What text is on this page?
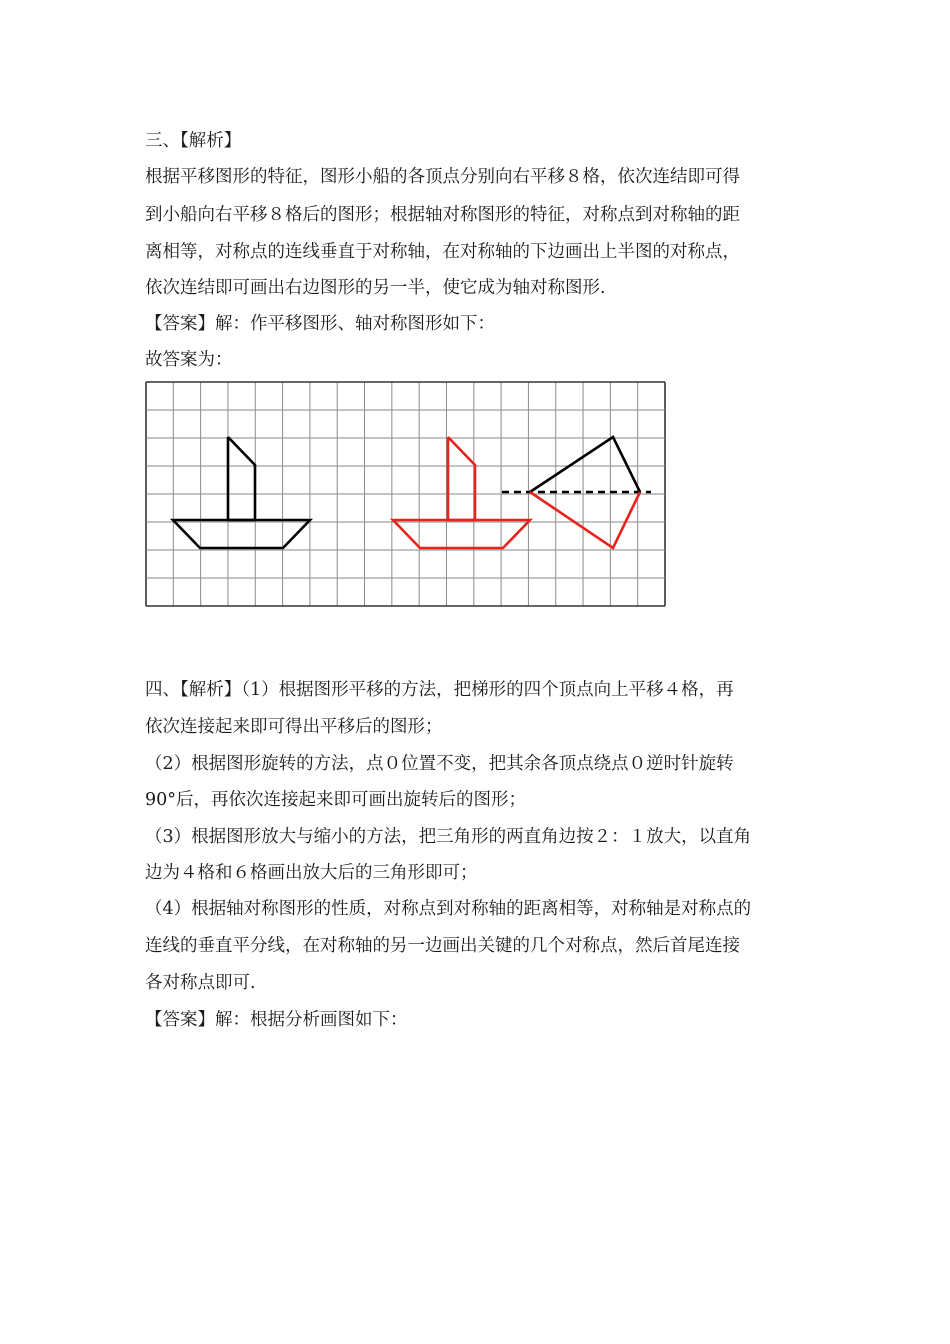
三、【解析】
根据平移图形的特征，图形小船的各顶点分别向右平移８格，依次连结即可得
到小船向右平移８格后的图形；根据轴对称图形的特征，对称点到对称轴的距
离相等，对称点的连线垂直于对称轴，在对称轴的下边画出上半图的对称点，
依次连结即可画出右边图形的另一半，使它成为轴对称图形.
【答案】解：作平移图形、轴对称图形如下：
故答案为：
四、【解析】（1）根据图形平移的方法，把梯形的四个顶点向上平移４格，再
依次连接起来即可得出平移后的图形；
（2）根据图形旋转的方法，点０位置不变，把其余各顶点绕点０逆时针旋转
90°后，再依次连接起来即可画出旋转后的图形；
（3）根据图形放大与缩小的方法，把三角形的两直角边按２：１放大，以直角
边为４格和６格画出放大后的三角形即可；
（4）根据轴对称图形的性质，对称点到对称轴的距离相等，对称轴是对称点的
连线的垂直平分线，在对称轴的另一边画出关键的几个对称点，然后首尾连接
各对称点即可.
【答案】解：根据分析画图如下：
